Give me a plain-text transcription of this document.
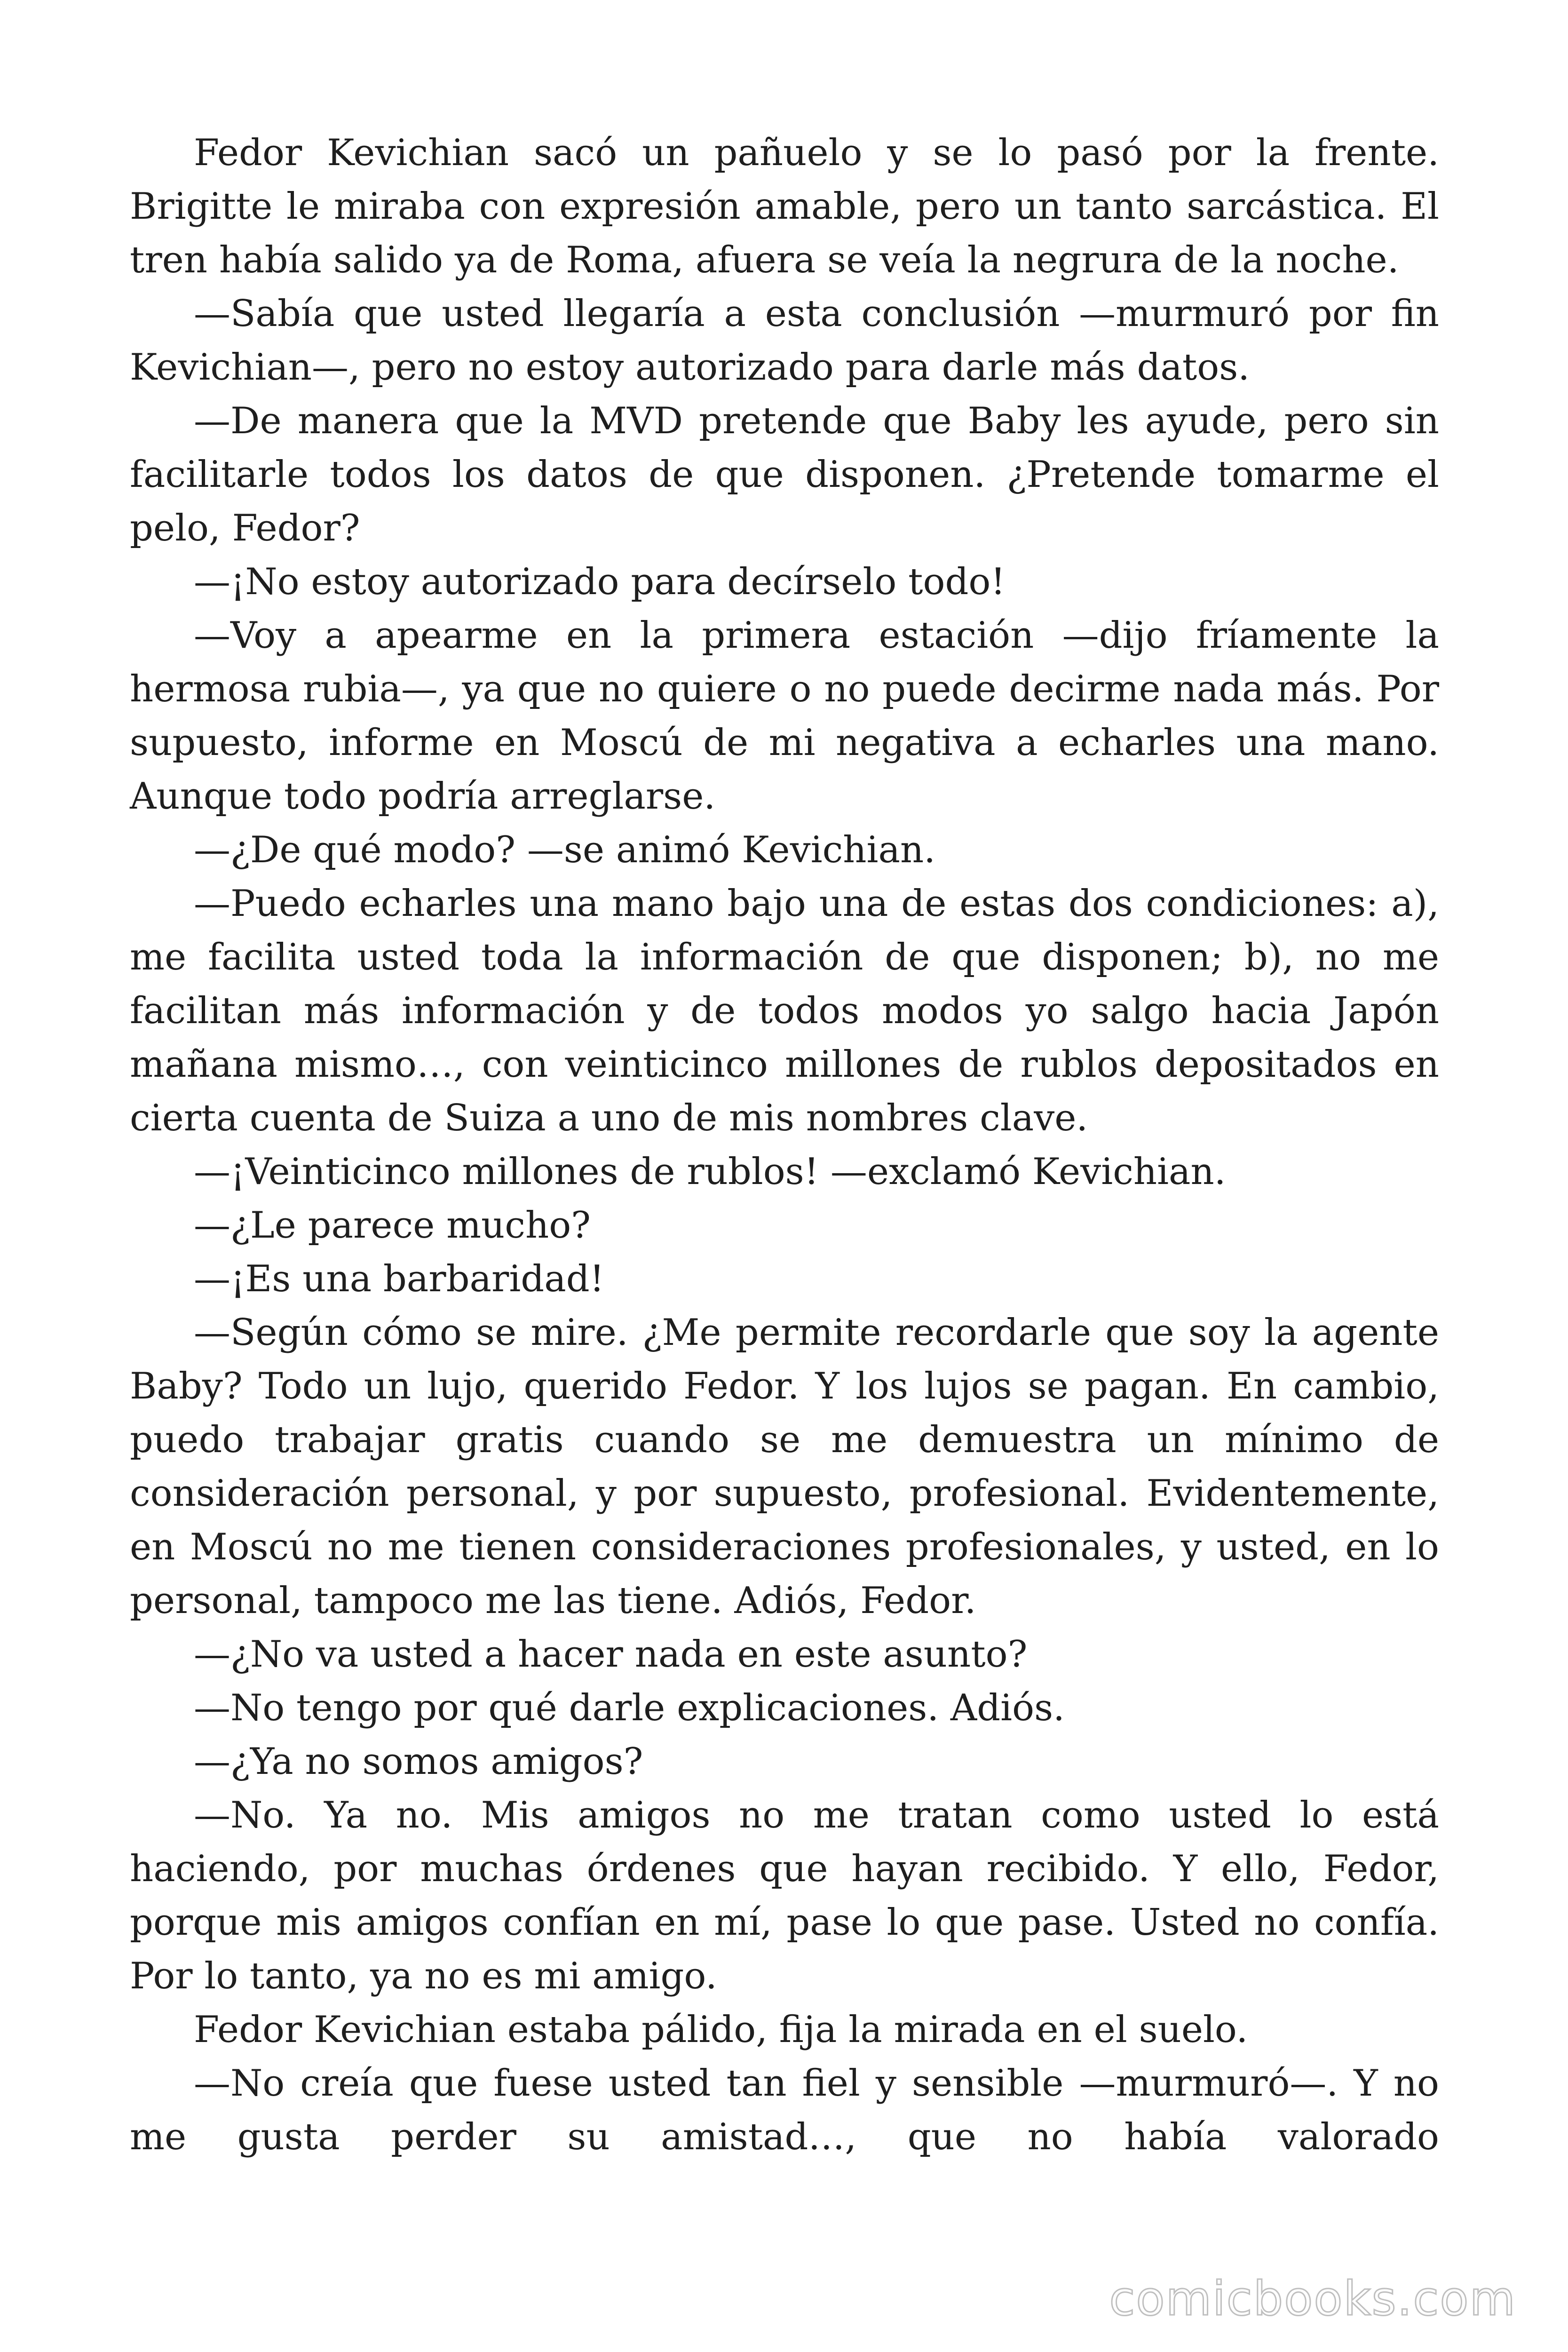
Fedor Kevichian sacó un pañuelo y se lo pasó por la frente. Brigitte le miraba con expresión amable, pero un tanto sarcástica. El tren había salido ya de Roma, afuera se veía la negrura de la noche.

—Sabía que usted llegaría a esta conclusión —murmuró por fin Kevichian—, pero no estoy autorizado para darle más datos.

—De manera que la MVD pretende que Baby les ayude, pero sin facilitarle todos los datos de que disponen. ¿Pretende tomarme el pelo, Fedor?

—¡No estoy autorizado para decírselo todo!

—Voy a apearme en la primera estación —dijo fríamente la hermosa rubia—, ya que no quiere o no puede decirme nada más. Por supuesto, informe en Moscú de mi negativa a echarles una mano. Aunque todo podría arreglarse.

—¿De qué modo? —se animó Kevichian.

—Puedo echarles una mano bajo una de estas dos condiciones: a), me facilita usted toda la información de que disponen; b), no me facilitan más información y de todos modos yo salgo hacia Japón mañana mismo…, con veinticinco millones de rublos depositados en cierta cuenta de Suiza a uno de mis nombres clave.

—¡Veinticinco millones de rublos! —exclamó Kevichian.

—¿Le parece mucho?

—¡Es una barbaridad!

—Según cómo se mire. ¿Me permite recordarle que soy la agente Baby? Todo un lujo, querido Fedor. Y los lujos se pagan. En cambio, puedo trabajar gratis cuando se me demuestra un mínimo de consideración personal, y por supuesto, profesional. Evidentemente, en Moscú no me tienen consideraciones profesionales, y usted, en lo personal, tampoco me las tiene. Adiós, Fedor.

—¿No va usted a hacer nada en este asunto?

—No tengo por qué darle explicaciones. Adiós.

—¿Ya no somos amigos?

—No. Ya no. Mis amigos no me tratan como usted lo está haciendo, por muchas órdenes que hayan recibido. Y ello, Fedor, porque mis amigos confían en mí, pase lo que pase. Usted no confía. Por lo tanto, ya no es mi amigo.

Fedor Kevichian estaba pálido, fija la mirada en el suelo.

—No creía que fuese usted tan fiel y sensible —murmuró—. Y no me gusta perder su amistad…, que no había valorado

comicbooks.com
